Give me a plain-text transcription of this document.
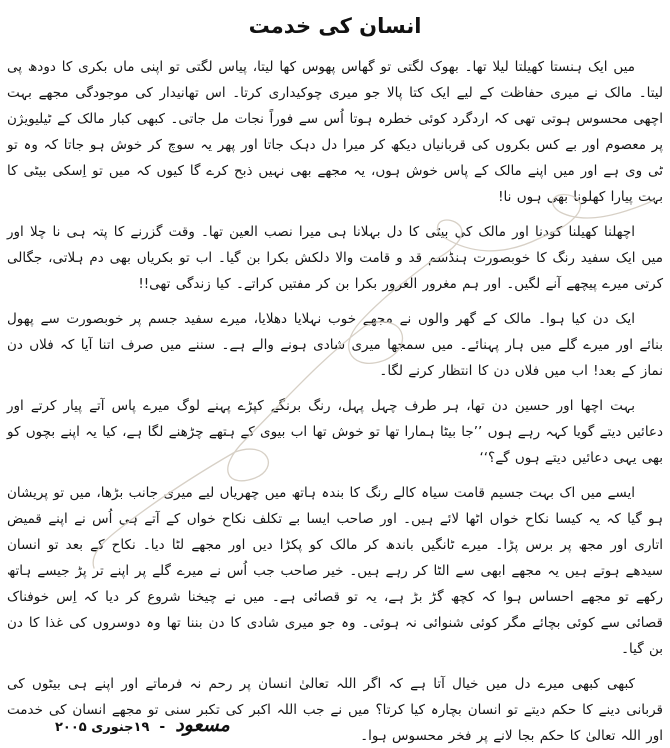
انسان کی خدمت

میں ایک ہنستا کھیلتا لیلا تھا۔ بھوک لگتی تو گھاس پھوس کھا لیتا، پیاس لگتی تو اپنی ماں بکری کا دودھ پی لیتا۔ مالک نے میری حفاظت کے لیے ایک کتا پالا جو میری چوکیداری کرتا۔ اس تھانیدار کی موجودگی مجھے بہت اچھی محسوس ہوتی تھی کہ اردگرد کوئی خطرہ ہوتا اُس سے فوراً نجات مل جاتی۔ کبھی کبار مالک کے ٹیلیویژن پر معصوم اور بے کس بکروں کی قربانیاں دیکھ کر میرا دل دہک جاتا اور پھر یہ سوچ کر خوش ہو جاتا کہ وہ تو ٹی وی ہے اور میں اپنے مالک کے پاس خوش ہوں، یہ مجھے بھی نہیں ذبح کرے گا کیوں کہ میں تو اِسکی بیٹی کا بہت پیارا کھلونا بھی ہوں نا!

اچھلنا کھیلنا کودنا اور مالک کی بیٹی کا دل بہلانا ہی میرا نصب العین تھا۔ وقت گزرنے کا پتہ ہی نا چلا اور میں ایک سفید رنگ کا خوبصورت ہنڈسم قد و قامت والا دلکش بکرا بن گیا۔ اب تو بکریاں بھی دم ہلاتی، جگالی کرتی میرے پیچھے آنے لگیں۔ اور ہم مغرور الغرور بکرا بن کر مفتیں کراتے۔ کیا زندگی تھی!!

ایک دن کیا ہوا۔ مالک کے گھر والوں نے مجھے خوب نہلایا دھلایا، میرے سفید جسم پر خوبصورت سے پھول بنائے اور میرے گلے میں ہار پہنائے۔ میں سمجھا میری شادی ہونے والے ہے۔ سننے میں صرف اتنا آیا کہ فلاں دن نماز کے بعد! اب میں فلاں دن کا انتظار کرنے لگا۔

بہت اچھا اور حسین دن تھا، ہر طرف چہل پہل، رنگ برنگے کپڑے پہنے لوگ میرے پاس آتے پیار کرتے اور دعائیں دیتے گویا کہہ رہے ہوں ’’جا بیٹا ہمارا تھا تو خوش تھا اب بیوی کے ہتھے چڑھنے لگا ہے، کیا یہ اپنے بچوں کو بھی یہی دعائیں دیتے ہوں گے؟‘‘

ایسے میں اک بہت جسیم قامت سیاہ کالے رنگ کا بندہ ہاتھ میں چھریاں لیے میری جانب بڑھا، میں تو پریشان ہو گیا کہ یہ کیسا نکاح خواں اٹھا لائے ہیں۔ اور صاحب ایسا بے تکلف نکاح خواں کے آتے ہی اُس نے اپنے قمیض اتاری اور مجھ پر برس پڑا۔ میرے ٹانگیں باندھ کر مالک کو پکڑا دیں اور مجھے لٹا دیا۔ نکاح کے بعد تو انسان سیدھے ہوتے ہیں یہ مجھے ابھی سے الٹا کر رہے ہیں۔ خیر صاحب جب اُس نے میرے گلے پر اپنے تر پڑ جیسے ہاتھ رکھے تو مجھے احساس ہوا کہ کچھ گڑ بڑ ہے، یہ تو قصائی ہے۔ میں نے چیخنا شروع کر دیا کہ اِس خوفناک قصائی سے کوئی بچائے مگر کوئی شنوائی نہ ہوئی۔ وہ جو میری شادی کا دن بننا تھا وہ دوسروں کی غذا کا دن بن گیا۔

کبھی کبھی میرے دل میں خیال آتا ہے کہ اگر اللہ تعالیٰ انسان پر رحم نہ فرماتے اور اپنے ہی بیٹوں کی قربانی دینے کا حکم دیتے تو انسان بچارہ کیا کرتا؟ میں نے جب اللہ اکبر کی تکبر سنی تو مجھے انسان کی خدمت اور اللہ تعالیٰ کا حکم بجا لانے پر فخر محسوس ہوا۔

مسعود
-
۱۹جنوری ۲۰۰۵
